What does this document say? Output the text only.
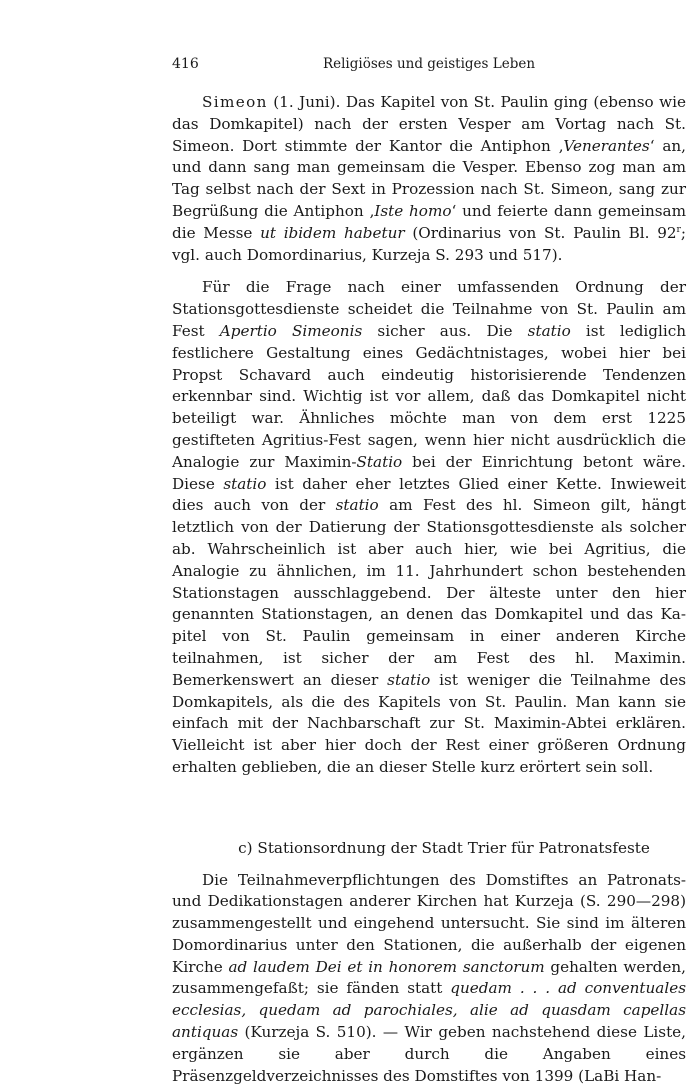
416	Religiöses und geistiges Leben

Simeon (1. Juni). Das Kapitel von St. Paulin ging (ebenso wie das Domkapitel) nach der ersten Vesper am Vortag nach St. Simeon. Dort stimmte der Kantor die Antiphon ‚Venerantes‘ an, und dann sang man gemeinsam die Vesper. Ebenso zog man am Tag selbst nach der Sext in Prozession nach St. Simeon, sang zur Begrüßung die Antiphon ‚Iste homo‘ und feierte dann gemeinsam die Messe ut ibidem habetur (Ordinarius von St. Paulin Bl. 92$^r$; vgl. auch Domordinarius, Kurzeja S. 293 und 517).

Für die Frage nach einer umfassenden Ordnung der Stationsgottesdienste scheidet die Teilnahme von St. Paulin am Fest Apertio Simeonis sicher aus. Die statio ist lediglich festlichere Gestaltung eines Gedächtnistages, wobei hier bei Propst Schavard auch eindeutig historisierende Tendenzen erkennbar sind. Wichtig ist vor allem, daß das Domkapitel nicht beteiligt war. Ähnliches möchte man von dem erst 1225 gestifteten Agritius-Fest sagen, wenn hier nicht ausdrücklich die Analogie zur Maximin-Statio bei der Einrichtung betont wäre. Diese statio ist daher eher letztes Glied einer Kette. Inwieweit dies auch von der statio am Fest des hl. Simeon gilt, hängt letztlich von der Datierung der Stationsgottesdienste als solcher ab. Wahrscheinlich ist aber auch hier, wie bei Agritius, die Analogie zu ähnlichen, im 11. Jahrhundert schon bestehenden Stationstagen ausschlaggebend. Der älteste unter den hier genannten Stationstagen, an denen das Domkapitel und das Kapitel von St. Paulin gemeinsam in einer anderen Kirche teilnahmen, ist sicher der am Fest des hl. Maximin. Bemerkenswert an dieser statio ist weniger die Teilnahme des Domkapitels, als die des Kapitels von St. Paulin. Man kann sie einfach mit der Nachbarschaft zur St. Maximin-Abtei erklären. Vielleicht ist aber hier doch der Rest einer größeren Ordnung erhalten geblieben, die an dieser Stelle kurz erörtert sein soll.

c) Stationsordnung der Stadt Trier für Patronatsfeste

Die Teilnahmeverpflichtungen des Domstiftes an Patronats- und Dedikationstagen anderer Kirchen hat Kurzeja (S. 290—298) zusammengestellt und eingehend untersucht. Sie sind im älteren Domordinarius unter den Stationen, die außerhalb der eigenen Kirche ad laudem Dei et in honorem sanctorum gehalten werden, zusammengefaßt; sie fänden statt quedam . . . ad conventuales ecclesias, quedam ad parochiales, alie ad quasdam capellas antiquas (Kurzeja S. 510). — Wir geben nachstehend diese Liste, ergänzen sie aber durch die Angaben eines Präsenzgeldverzeichnisses des Domstiftes von 1399 (LaBi Han-
